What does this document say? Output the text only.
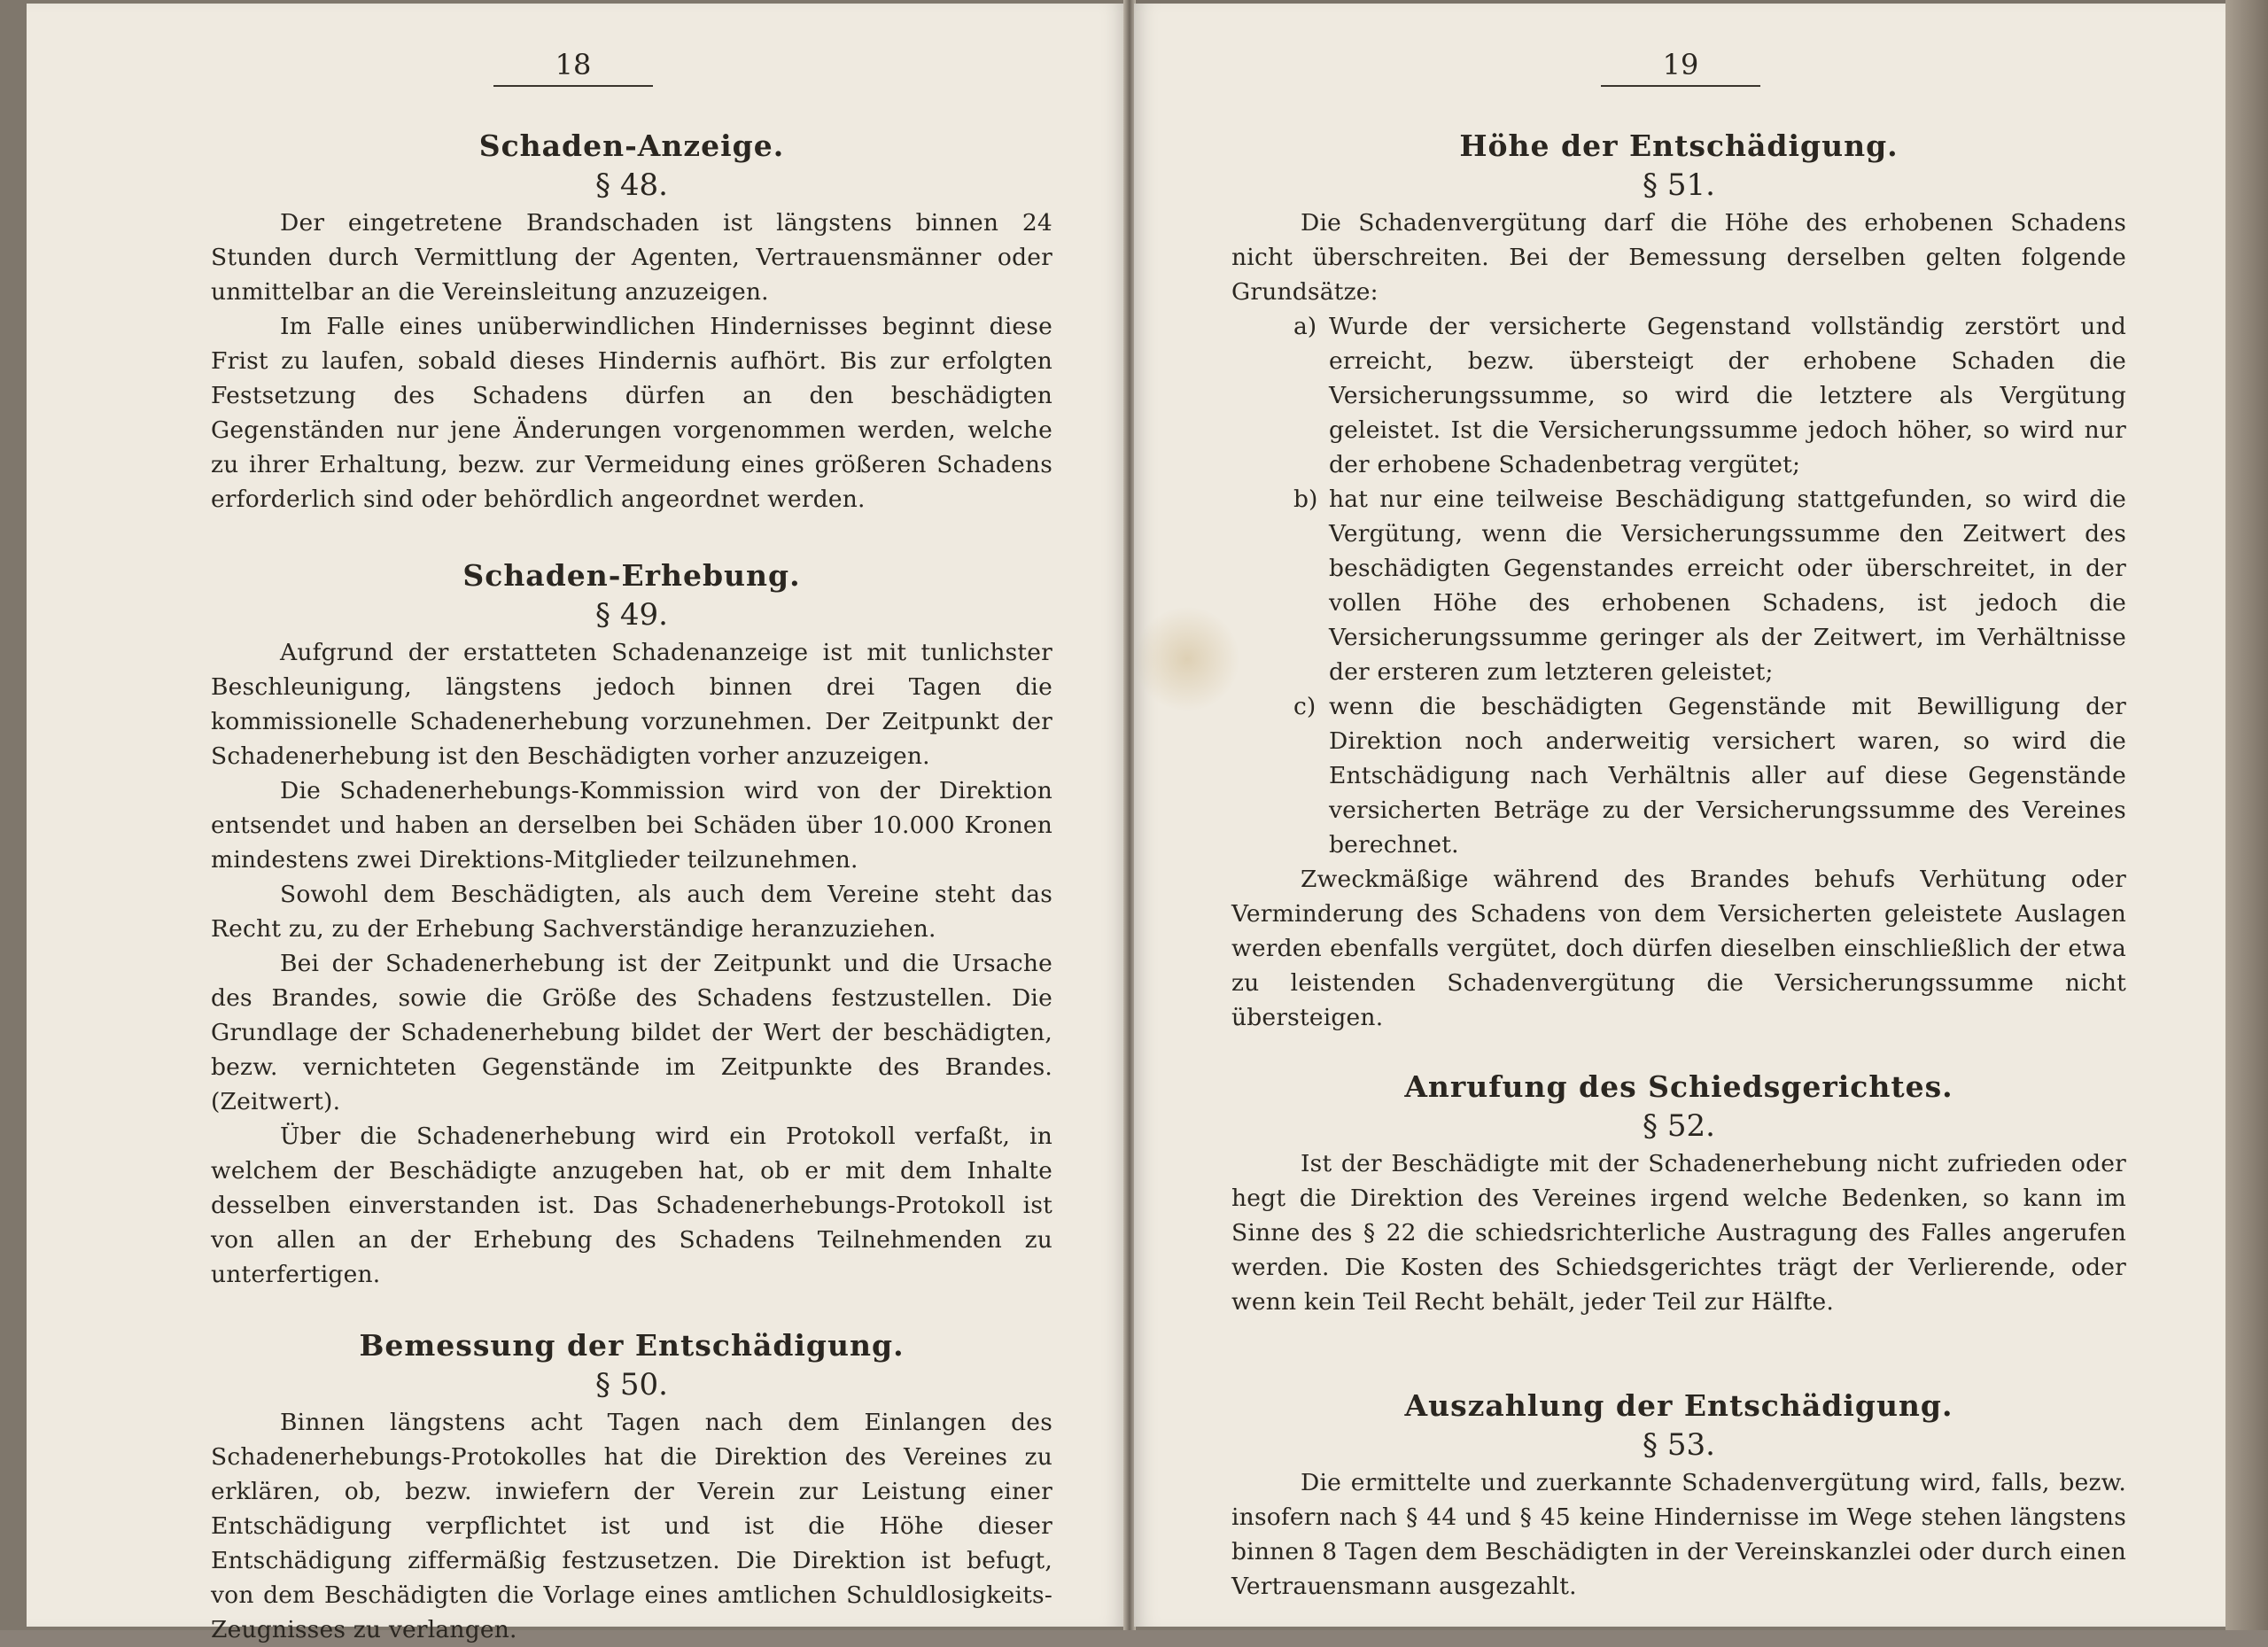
18

Schaden-Anzeige.

§ 48.

Der eingetretene Brandschaden ist längstens binnen 24 Stunden durch Vermittlung der Agenten, Vertrauensmänner oder unmittelbar an die Vereinsleitung anzuzeigen.

Im Falle eines unüberwindlichen Hindernisses beginnt diese Frist zu laufen, sobald dieses Hindernis aufhört. Bis zur erfolgten Festsetzung des Schadens dürfen an den beschädigten Gegenständen nur jene Änderungen vorgenommen werden, welche zu ihrer Erhaltung, bezw. zur Vermeidung eines größeren Schadens erforderlich sind oder behördlich angeordnet werden.

Schaden-Erhebung.

§ 49.

Aufgrund der erstatteten Schadenanzeige ist mit tunlichster Beschleunigung, längstens jedoch binnen drei Tagen die kommissionelle Schadenerhebung vorzunehmen. Der Zeitpunkt der Schadenerhebung ist den Beschädigten vorher anzuzeigen.

Die Schadenerhebungs-Kommission wird von der Direktion entsendet und haben an derselben bei Schäden über 10.000 Kronen mindestens zwei Direktions-Mitglieder teilzunehmen.

Sowohl dem Beschädigten, als auch dem Vereine steht das Recht zu, zu der Erhebung Sachverständige heranzuziehen.

Bei der Schadenerhebung ist der Zeitpunkt und die Ursache des Brandes, sowie die Größe des Schadens festzustellen. Die Grundlage der Schadenerhebung bildet der Wert der beschädigten, bezw. vernichteten Gegenstände im Zeitpunkte des Brandes. (Zeitwert).

Über die Schadenerhebung wird ein Protokoll verfaßt, in welchem der Beschädigte anzugeben hat, ob er mit dem Inhalte desselben einverstanden ist. Das Schadenerhebungs-Protokoll ist von allen an der Erhebung des Schadens Teilnehmenden zu unterfertigen.

Bemessung der Entschädigung.

§ 50.

Binnen längstens acht Tagen nach dem Einlangen des Schadenerhebungs-Protokolles hat die Direktion des Vereines zu erklären, ob, bezw. inwiefern der Verein zur Leistung einer Entschädigung verpflichtet ist und ist die Höhe dieser Entschädigung ziffermäßig festzusetzen. Die Direktion ist befugt, von dem Beschädigten die Vorlage eines amtlichen Schuldlosigkeits-Zeugnisses zu verlangen.

19

Höhe der Entschädigung.

§ 51.

Die Schadenvergütung darf die Höhe des erhobenen Schadens nicht überschreiten. Bei der Bemessung derselben gelten folgende Grundsätze:

a) Wurde der versicherte Gegenstand vollständig zerstört und erreicht, bezw. übersteigt der erhobene Schaden die Versicherungssumme, so wird die letztere als Vergütung geleistet. Ist die Versicherungssumme jedoch höher, so wird nur der erhobene Schadenbetrag vergütet;

b) hat nur eine teilweise Beschädigung stattgefunden, so wird die Vergütung, wenn die Versicherungssumme den Zeitwert des beschädigten Gegenstandes erreicht oder überschreitet, in der vollen Höhe des erhobenen Schadens, ist jedoch die Versicherungssumme geringer als der Zeitwert, im Verhältnisse der ersteren zum letzteren geleistet;

c) wenn die beschädigten Gegenstände mit Bewilligung der Direktion noch anderweitig versichert waren, so wird die Entschädigung nach Verhältnis aller auf diese Gegenstände versicherten Beträge zu der Versicherungssumme des Vereines berechnet.

Zweckmäßige während des Brandes behufs Verhütung oder Verminderung des Schadens von dem Versicherten geleistete Auslagen werden ebenfalls vergütet, doch dürfen dieselben einschließlich der etwa zu leistenden Schadenvergütung die Versicherungssumme nicht übersteigen.

Anrufung des Schiedsgerichtes.

§ 52.

Ist der Beschädigte mit der Schadenerhebung nicht zufrieden oder hegt die Direktion des Vereines irgend welche Bedenken, so kann im Sinne des § 22 die schiedsrichterliche Austragung des Falles angerufen werden. Die Kosten des Schiedsgerichtes trägt der Verlierende, oder wenn kein Teil Recht behält, jeder Teil zur Hälfte.

Auszahlung der Entschädigung.

§ 53.

Die ermittelte und zuerkannte Schadenvergütung wird, falls, bezw. insofern nach § 44 und § 45 keine Hindernisse im Wege stehen längstens binnen 8 Tagen dem Beschädigten in der Vereinskanzlei oder durch einen Vertrauensmann ausgezahlt.
